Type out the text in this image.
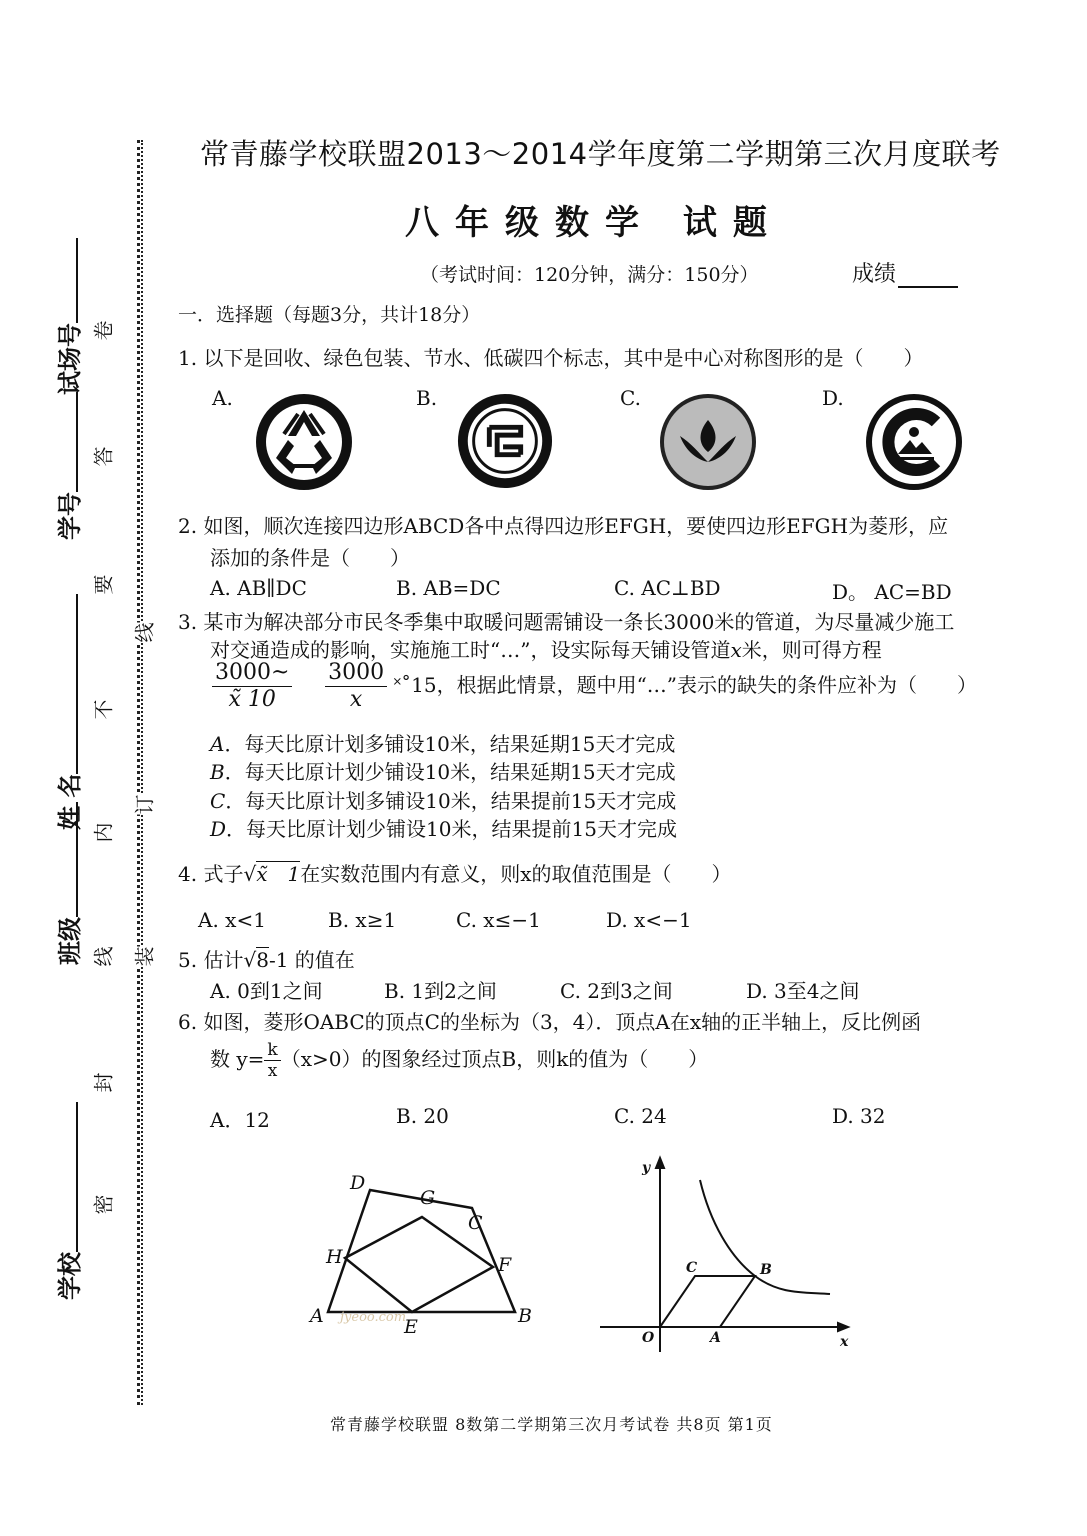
试场号
学号
姓 名
班级
学校
卷
答
要
不
内
线
封
密
线
订
装
常青藤学校联盟2013～2014学年度第二学期第三次月度联考
八年级数学 试题
（考试时间：120分钟，满分：150分）	成绩
一．选择题（每题3分，共计18分）
1. 以下是回收、绿色包装、节水、低碳四个标志，其中是中心对称图形的是（　　）
A.	B.	C.	D.
2. 如图，顺次连接四边形ABCD各中点得四边形EFGH，要使四边形EFGH为菱形，应
添加的条件是（　　）
A. AB∥DC	B. AB=DC	C. AC⊥BD	D。 AC=BD
3. 某市为解决部分市民冬季集中取暖问题需铺设一条长3000米的管道，为尽量减少施工
对交通造成的影响，实施施工时“…”，设实际每天铺设管道x米，则可得方程
$\frac{3000\sim}{x̃ 10}$
$\frac{3000}{x}$ ˟˚15，根据此情景，题中用“…”表示的缺失的条件应补为（　　）
A．每天比原计划多铺设10米，结果延期15天才完成
B．每天比原计划少铺设10米，结果延期15天才完成
C．每天比原计划多铺设10米，结果提前15天才完成
D．每天比原计划少铺设10米，结果提前15天才完成
4. 式子√x̃　1在实数范围内有意义，则x的取值范围是（　　）
A. x<1	B. x≥1	C. x≤−1	D. x<−1
5. 估计√8-1 的值在
A. 0到1之间	B. 1到2之间	C. 2到3之间	D. 3至4之间
6. 如图，菱形OABC的顶点C的坐标为（3，4）．顶点A在x轴的正半轴上，反比例函
数 $y= \frac{k}{x} (x>0)$的图象经过顶点B，则k的值为（　　）
A．12	B. 20	C. 24	D. 32
jyeoo.com
D
G
C
H	F
A	E	B
y
C	B
O	A	x
常青藤学校联盟 8数第二学期第三次月考试卷 共8页 第1页
